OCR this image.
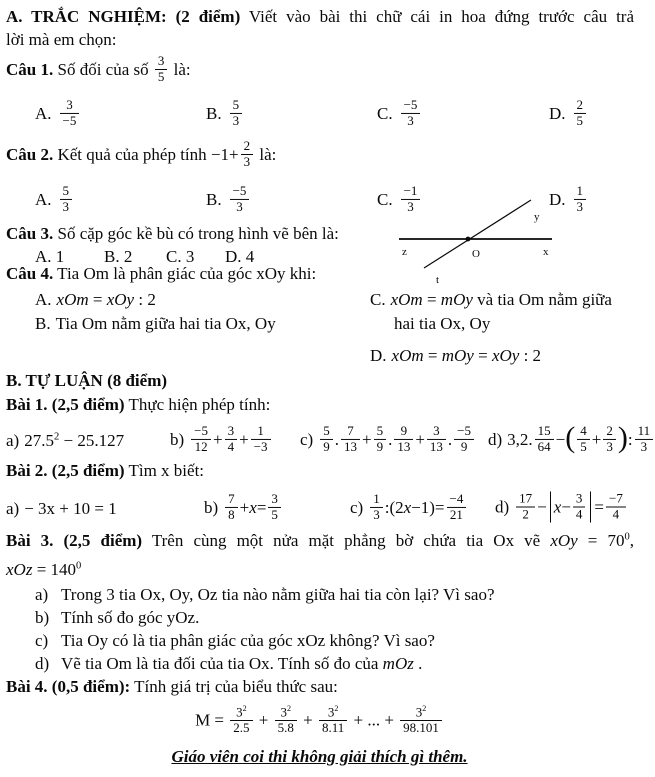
A. TRẮC NGHIỆM: (2 điểm) Viết vào bài thi chữ cái in hoa đứng trước câu trả
lời mà em chọn:
Câu 1. Số đối của số $\frac{3}{5}$ là:
A. $\frac{3}{-5}$	B. $\frac{5}{3}$	C. $\frac{-5}{3}$	D. $\frac{2}{5}$
Câu 2. Kết quả của phép tính $-1+ \frac{2}{3}$ là:
A. $\frac{5}{3}$	B. $\frac{-5}{3}$	C. $\frac{-1}{3}$	D. $\frac{1}{3}$
Câu 3. Số cặp góc kề bù có trong hình vẽ bên là:
A. 1 B. 2 C. 3 D. 4	z	O	x
y
t
Câu 4. Tia Om là phân giác của góc xOy khi:
A. xOm = xOy : 2
B. Tia Om nằm giữa hai tia Ox, Oy
C. xOm = mOy và tia Om nằm giữa
hai tia Ox, Oy
D. xOm = mOy = xOy : 2
B. TỰ LUẬN (8 điểm)
Bài 1. (2,5 điểm) Thực hiện phép tính:
a) $27.5^2 - 25.127$	$b) \frac{-5}{12} + \frac{3}{4} + \frac{1}{-3} c) \frac{5}{9}$ . $\frac{7}{13} + \frac{5}{9}$ . $\frac{9}{13} + \frac{3}{13}$ . $\frac{-5}{9} d$) 3,2. $\frac{15}{64}$ −( $\frac{4}{5} + \frac{2}{3}$ ): $\frac{11}{3}$
Bài 2. (2,5 điểm) Tìm x biết:
a) − 3x + 10 = 1	$b) \frac{7}{8} +x= \frac{3}{5}$	$c) \frac{1}{3}$ :(2x−1)= $\frac{-4}{21} d) \frac{17}{2} - x- \frac{3}{4} = \frac{-7}{4}$
Bài 3. (2,5 điểm) Trên cùng một nửa mặt phẳng bờ chứa tia Ox vẽ xOy = $70^0$,
xOz = $140^0$
a) Trong 3 tia Ox, Oy, Oz tia nào nằm giữa hai tia còn lại? Vì sao?
b) Tính số đo góc yOz.
c) Tia Oy có là tia phân giác của góc xOz không? Vì sao?
d) Vẽ tia Om là tia đối của tia Ox. Tính số đo của mOz .
Bài 4. (0,5 điểm): Tính giá trị của biểu thức sau:
$M = \frac{3^2}{2.5} + \frac{3^2}{5.8} + \frac{3^2}{8.11}$ + ... + $\frac{3^2}{98.101}$
Giáo viên coi thi không giải thích gì thêm.
